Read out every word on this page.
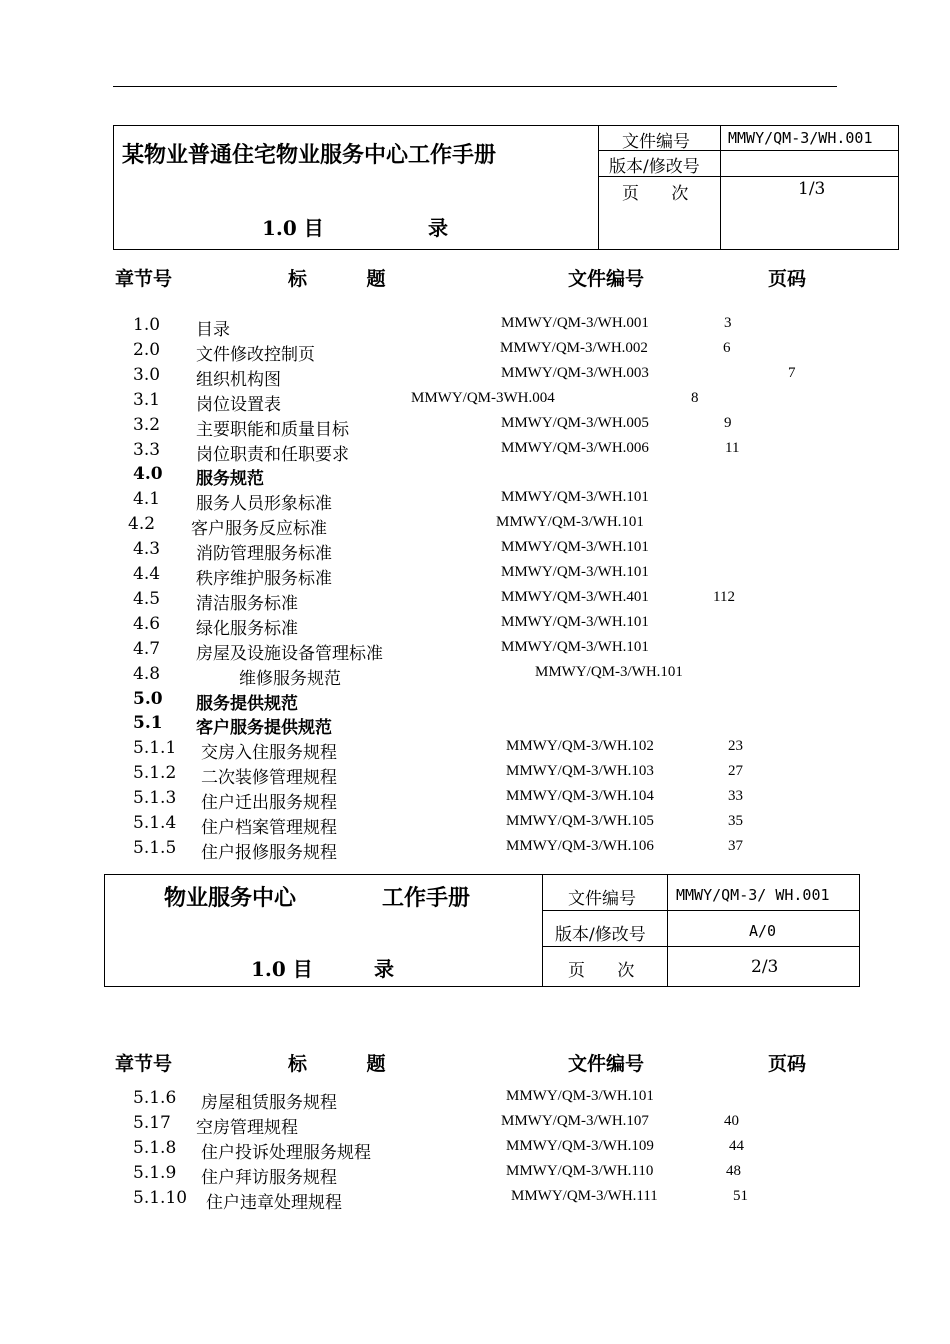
某物业普通住宅物业服务中心工作手册
1.0 目	录
文件编号	MMWY/QM-3/WH.001
版本/修改号
页      次	1/3
章节号	标         题	文件编号	页码
1.0 目录	MMWY/QM-3/WH.001	3
2.0 文件修改控制页	MMWY/QM-3/WH.002	6
3.0 组织机构图	MMWY/QM-3/WH.003	7
3.1 岗位设置表	MMWY/QM-3WH.004	8
3.2 主要职能和质量目标	MMWY/QM-3/WH.005	9
3.3 岗位职责和任职要求	MMWY/QM-3/WH.006	11
4.0 服务规范
4.1 服务人员形象标准	MMWY/QM-3/WH.101
4.2 客户服务反应标准	MMWY/QM-3/WH.101
4.3 消防管理服务标准	MMWY/QM-3/WH.101
4.4 秩序维护服务标准	MMWY/QM-3/WH.101
4.5 清洁服务标准	MMWY/QM-3/WH.401	112
4.6 绿化服务标准	MMWY/QM-3/WH.101
4.7 房屋及设施设备管理标准	MMWY/QM-3/WH.101
4.8	维修服务规范	MMWY/QM-3/WH.101
5.0 服务提供规范
5.1 客户服务提供规范
5.1.1 交房入住服务规程	MMWY/QM-3/WH.102	23
5.1.2 二次装修管理规程	MMWY/QM-3/WH.103	27
5.1.3 住户迁出服务规程	MMWY/QM-3/WH.104	33
5.1.4 住户档案管理规程	MMWY/QM-3/WH.105	35
5.1.5 住户报修服务规程	MMWY/QM-3/WH.106	37
物业服务中心	工作手册
1.0 目	录
文件编号	MMWY/QM-3/ WH.001
版本/修改号	A/0
页      次	2/3
章节号	标         题	文件编号	页码
5.1.6 房屋租赁服务规程	MMWY/QM-3/WH.101
5.17 空房管理规程	MMWY/QM-3/WH.107	40
5.1.8 住户投诉处理服务规程	MMWY/QM-3/WH.109	44
5.1.9 住户拜访服务规程	MMWY/QM-3/WH.110	48
5.1.10 住户违章处理规程	MMWY/QM-3/WH.111	51
